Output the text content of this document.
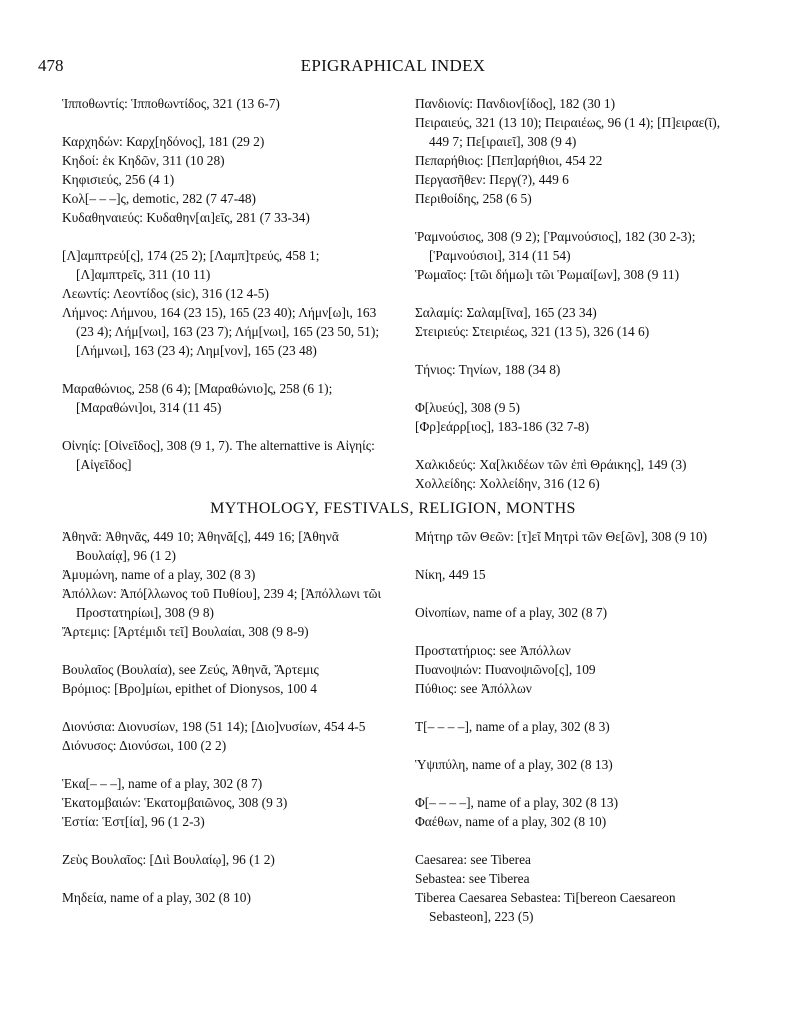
478	EPIGRAPHICAL INDEX

Ἱπποθωντίς: Ἱπποθωντίδος, 321 (13 6-7)

Καρχηδών: Καρχ[ηδόνος], 181 (29 2)

Κηδοί: ἐκ Κηδῶν, 311 (10 28)

Κηφισιεύς, 256 (4 1)

Κολ[– – –]ς, demotic, 282 (7 47-48)

Κυδαθηναιεύς: Κυδαθην[αι]εῖς, 281 (7 33-34)

[Λ]αμπτρεύ[ς], 174 (25 2); [Λαμπ]τρεύς, 458 1; [Λ]αμπτρεῖς, 311 (10 11)

Λεωντίς: Λεοντίδος (sic), 316 (12 4-5)

Λήμνος: Λήμνου, 164 (23 15), 165 (23 40); Λήμν[ω]ι, 163 (23 4); Λήμ[νωι], 163 (23 7); Λήμ[νωι], 165 (23 50, 51); [Λήμνωι], 163 (23 4); Λημ[νον], 165 (23 48)

Μαραθώνιος, 258 (6 4); [Μαραθώνιο]ς, 258 (6 1); [Μαραθώνι]οι, 314 (11 45)

Οἰνηίς: [Οἰνεῖδος], 308 (9 1, 7). The alternattive is Αἰγηίς: [Αἰγεῖδος]

Πανδιονίς: Πανδιον[ίδος], 182 (30 1)

Πειραιεύς, 321 (13 10); Πειραιέως, 96 (1 4); [Π]ειραε(ῖ), 449 7; Πε[ιραιεῖ], 308 (9 4)

Πεπαρήθιος: [Πεπ]αρήθιοι, 454 22

Περγασῆθεν: Περγ(?), 449 6

Περιθοίδης, 258 (6 5)

Ῥαμνούσιος, 308 (9 2); [Ῥαμνούσιος], 182 (30 2-3); [Ῥαμνούσιοι], 314 (11 54)

Ῥωμαῖος: [τῶι δήμω]ι τῶι Ῥωμαί[ων], 308 (9 11)

Σαλαμίς: Σαλαμ[ῖνα], 165 (23 34)

Στειριεύς: Στειριέως, 321 (13 5), 326 (14 6)

Τήνιος: Τηνίων, 188 (34 8)

Φ[λυεύς], 308 (9 5)

[Φρ]εάρρ[ιος], 183-186 (32 7-8)

Χαλκιδεύς: Χα[λκιδέων τῶν ἐπὶ Θράικης], 149 (3)

Χολλείδης: Χολλείδην, 316 (12 6)

MYTHOLOGY, FESTIVALS, RELIGION, MONTHS

Ἀθηνᾶ: Ἀθηνᾶς, 449 10; Ἀθηνᾶ[ς], 449 16; [Ἀθηνᾶ Βουλαίᾳ], 96 (1 2)

Ἀμυμώνη, name of a play, 302 (8 3)

Ἀπόλλων: Ἀπό[λλωνος τοῦ Πυθίου], 239 4; [Ἀπόλλωνι τῶι Προστατηρίωι], 308 (9 8)

Ἄρτεμις: [Ἀρτέμιδι τεῖ] Βουλαίαι, 308 (9 8-9)

Βουλαῖος (Βουλαία), see Ζεύς, Ἀθηνᾶ, Ἄρτεμις

Βρόμιος: [Βρο]μίωι, epithet of Dionysos, 100 4

Διονύσια: Διονυσίων, 198 (51 14); [Διο]νυσίων, 454 4-5

Διόνυσος: Διονύσωι, 100 (2 2)

Ἑκα[– – –], name of a play, 302 (8 7)

Ἑκατομβαιών: Ἑκατομβαιῶνος, 308 (9 3)

Ἑστία: Ἑστ[ία], 96 (1 2-3)

Ζεὺς Βουλαῖος: [Διὶ Βουλαίῳ], 96 (1 2)

Μηδεία, name of a play, 302 (8 10)

Μήτηρ τῶν Θεῶν: [τ]εῖ Μητρὶ τῶν Θε[ῶν], 308 (9 10)

Νίκη, 449 15

Οἰνοπίων, name of a play, 302 (8 7)

Προστατήριος: see Ἀπόλλων

Πυανοψιών: Πυανοψιῶνο[ς], 109

Πύθιος: see Ἀπόλλων

Τ[– – – –], name of a play, 302 (8 3)

Ὑψιπύλη, name of a play, 302 (8 13)

Φ[– – – –], name of a play, 302 (8 13)

Φαέθων, name of a play, 302 (8 10)

Caesarea: see Tiberea

Sebastea: see Tiberea

Tiberea Caesarea Sebastea: Ti[bereon Caesareon Sebasteon], 223 (5)
